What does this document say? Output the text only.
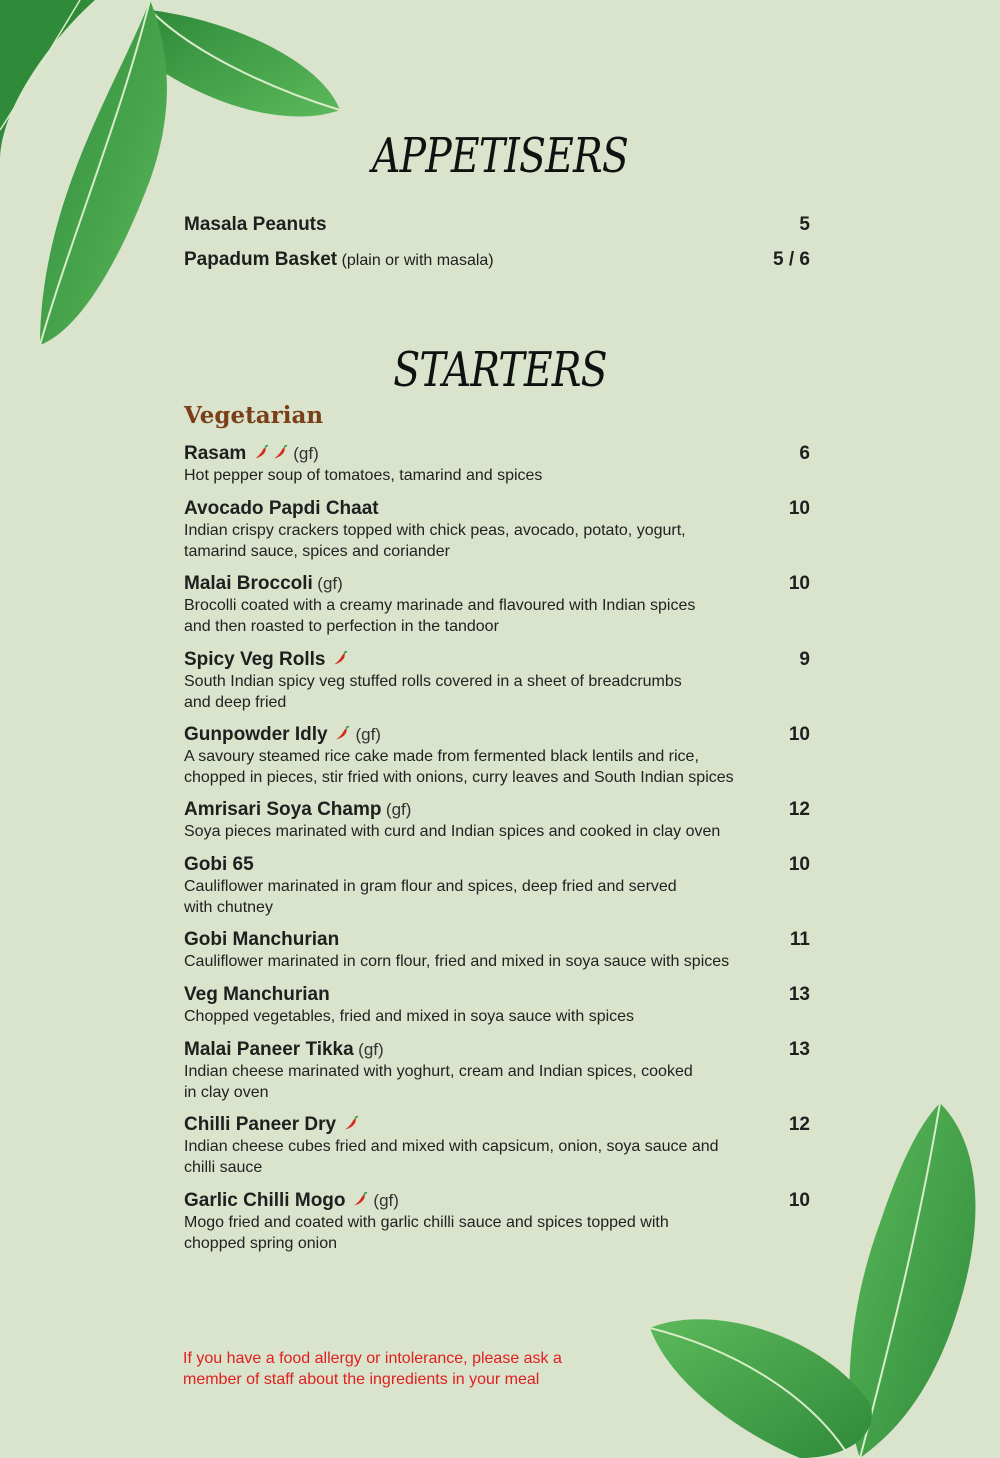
APPETISERS
Masala Peanuts	5
Papadum Basket (plain or with masala)	5 / 6
STARTERS
Vegetarian
Rasam	(gf)	6
Hot pepper soup of tomatoes, tamarind and spices
Avocado Papdi Chaat	10
Indian crispy crackers topped with chick peas, avocado, potato, yogurt,
tamarind sauce, spices and coriander
Malai Broccoli (gf)	10
Brocolli coated with a creamy marinade and flavoured with Indian spices
and then roasted to perfection in the tandoor
Spicy Veg Rolls	9
South Indian spicy veg stuffed rolls covered in a sheet of breadcrumbs
and deep fried
Gunpowder Idly (gf)	10
A savoury steamed rice cake made from fermented black lentils and rice,
chopped in pieces, stir fried with onions, curry leaves and South Indian spices
Amrisari Soya Champ (gf)	12
Soya pieces marinated with curd and Indian spices and cooked in clay oven
Gobi 65	10
Cauliflower marinated in gram flour and spices, deep fried and served
with chutney
Gobi Manchurian	11
Cauliflower marinated in corn flour, fried and mixed in soya sauce with spices
Veg Manchurian	13
Chopped vegetables, fried and mixed in soya sauce with spices
Malai Paneer Tikka (gf)	13
Indian cheese marinated with yoghurt, cream and Indian spices, cooked
in clay oven
Chilli Paneer Dry	12
Indian cheese cubes fried and mixed with capsicum, onion, soya sauce and
chilli sauce
Garlic Chilli Mogo (gf)	10
Mogo fried and coated with garlic chilli sauce and spices topped with
chopped spring onion
If you have a food allergy or intolerance, please ask a
member of staff about the ingredients in your meal
